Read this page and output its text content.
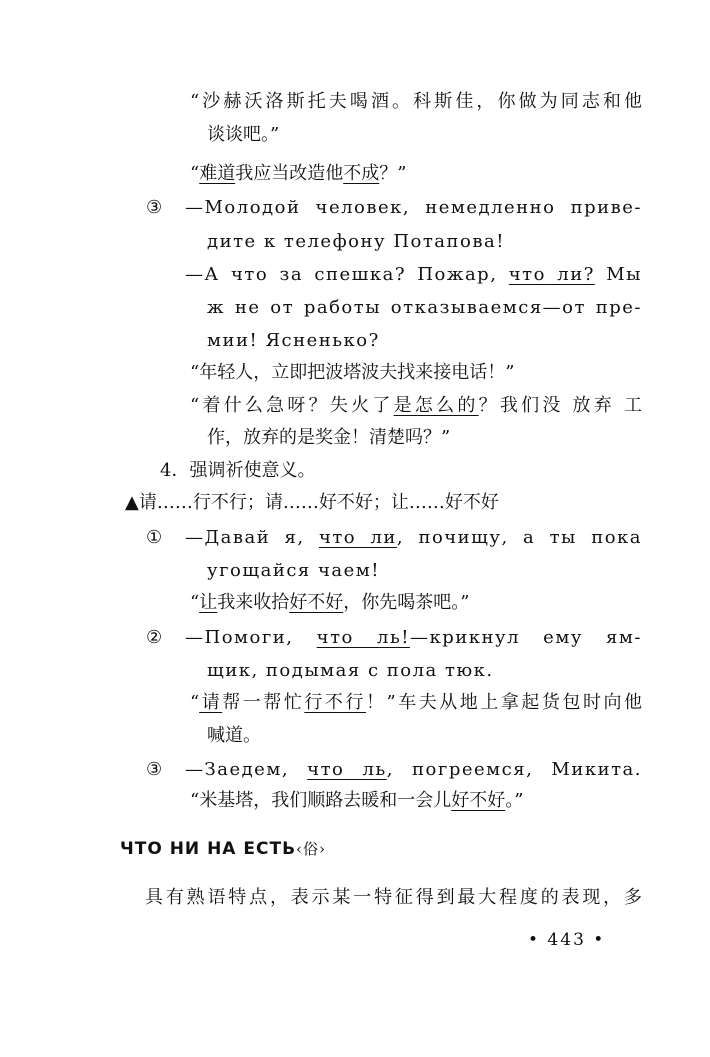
“沙赫沃洛斯托夫喝酒。科斯佳，你做为同志和他
谈谈吧。”
“难道我应当改造他不成？”
—Молодой человек, немедленно приве-
дите к телефону Потапова!
—А что за спешка? Пожар, что ли? Мы
ж не от работы отказываемся—от пре-
мии! Ясненько?
“年轻人，立即把波塔波夫找来接电话！”
“着什么急呀？失火了是怎么的？我们没 放弃 工
作，放弃的是奖金！清楚吗？”
4．强调祈使意义。
▲请……行不行；请……好不好；让……好不好
—Давай я, что ли, почищу, а ты пока
угощайся чаем!
“让我来收拾好不好，你先喝茶吧。”
—Помоги, что ль!—крикнул ему ям-
щик, подымая с пола тюк.
“请帮一帮忙行不行！”车夫从地上拿起货包时向他
喊道。
—Заедем, что ль, погреемся, Микита.
“米基塔，我们顺路去暖和一会儿好不好。”
具有熟语特点，表示某一特征得到最大程度的表现，多
③
①
②
③
ЧТО НИ НА ЕСТЬ‹俗›
• 443 •
